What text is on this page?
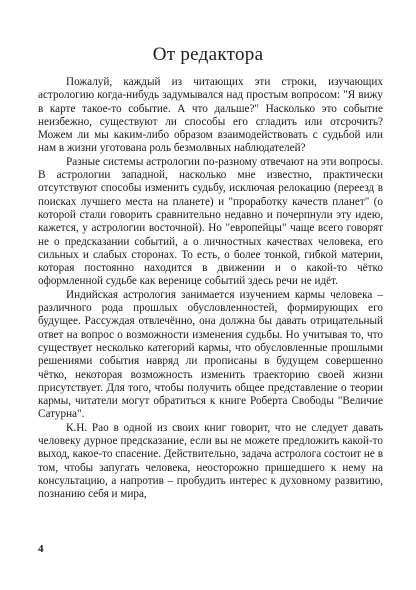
От редактора

Пожалуй, каждый из читающих эти строки, изучающих астрологию когда-нибудь задумывался над простым вопросом: "Я вижу в карте такое-то событие. А что дальше?" Насколько это событие неизбежно, существуют ли способы его сгладить или отсрочить? Можем ли мы каким-либо образом взаимодействовать с судьбой или нам в жизни уготована роль безмолвных наблюдателей?

Разные системы астрологии по-разному отвечают на эти вопросы. В астрологии западной, насколько мне известно, практически отсутствуют способы изменить судьбу, исключая релокацию (переезд в поисках лучшего места на планете) и "проработку качеств планет" (о которой стали говорить сравнительно недавно и почерпнули эту идею, кажется, у астрологии восточной). Но "европейцы" чаще всего говорят не о предсказании событий, а о личностных качествах человека, его сильных и слабых сторонах. То есть, о более тонкой, гибкой материи, которая постоянно находится в движении и о какой-то чётко оформленной судьбе как веренице событий здесь речи не идёт.

Индийская астрология занимается изучением кармы человека – различного рода прошлых обусловленностей, формирующих его будущее. Рассуждая отвлечённо, она должна бы давать отрицательный ответ на вопрос о возможности изменения судьбы. Но учитывая то, что существует несколько категорий кармы, что обусловленные прошлыми решениями события навряд ли прописаны в будущем совершенно чётко, некоторая возможность изменить траекторию своей жизни присутствует. Для того, чтобы получить общее представление о теории кармы, читатели могут обратиться к книге Роберта Свободы "Величие Сатурна".

К.Н. Рао в одной из своих книг говорит, что не следует давать человеку дурное предсказание, если вы не можете предложить какой-то выход, какое-то спасение. Действительно, задача астролога состоит не в том, чтобы запугать человека, неосторожно пришедшего к нему на консультацию, а напротив – пробудить интерес к духовному развитию, познанию себя и мира,

4
